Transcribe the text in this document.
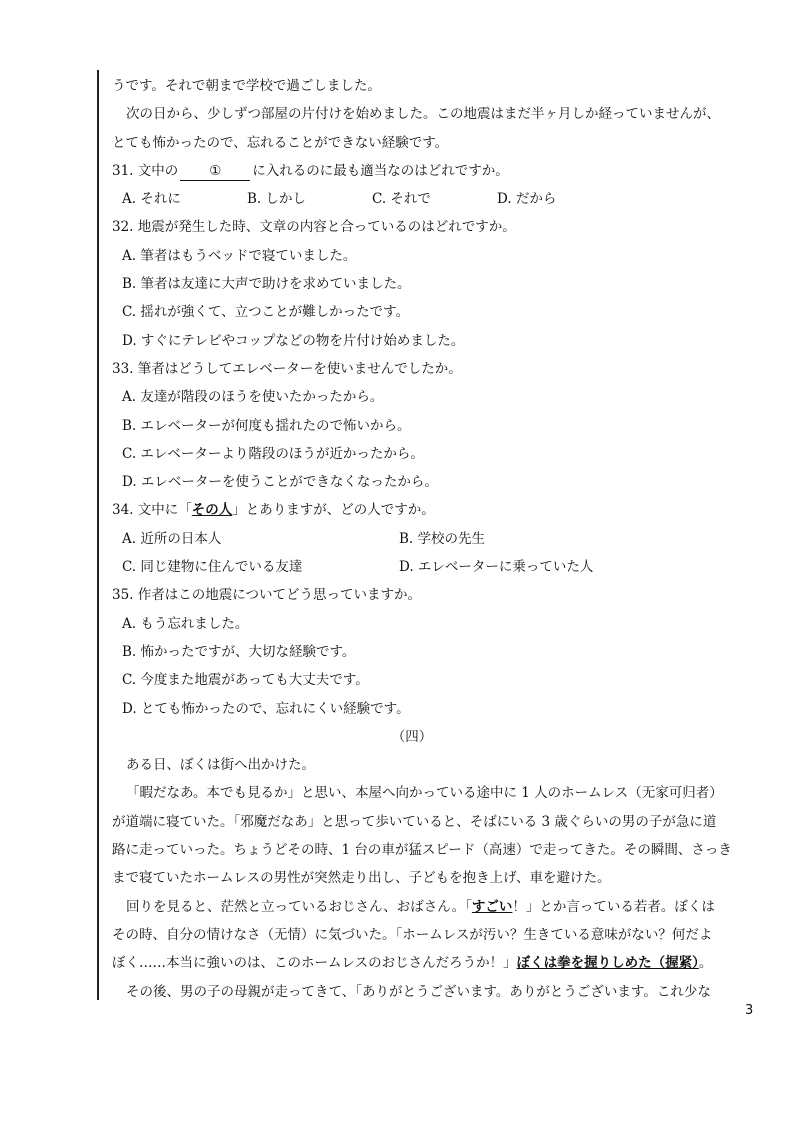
うです。それで朝まで学校で過ごしました。

次の日から、少しずつ部屋の片付けを始めました。この地震はまだ半ヶ月しか経っていませんが、

とても怖かったので、忘れることができない経験です。

31. 文中の ① に入れるのに最も適当なのはどれですか。

A. それに	B. しかし	C. それで	D. だから

32. 地震が発生した時、文章の内容と合っているのはどれですか。

A. 筆者はもうベッドで寝ていました。

B. 筆者は友達に大声で助けを求めていました。

C. 揺れが強くて、立つことが難しかったです。

D. すぐにテレビやコップなどの物を片付け始めました。

33. 筆者はどうしてエレベーターを使いませんでしたか。

A. 友達が階段のほうを使いたかったから。

B. エレベーターが何度も揺れたので怖いから。

C. エレベーターより階段のほうが近かったから。

D. エレベーターを使うことができなくなったから。

34. 文中に「その人」とありますが、どの人ですか。

A. 近所の日本人	B. 学校の先生
C. 同じ建物に住んでいる友達	D. エレベーターに乗っていた人

35. 作者はこの地震についてどう思っていますか。

A. もう忘れました。

B. 怖かったですが、大切な経験です。

C. 今度また地震があっても大丈夫です。

D. とても怖かったので、忘れにくい経験です。

（四）

ある日、ぼくは街へ出かけた。

「暇だなあ。本でも見るか」と思い、本屋へ向かっている途中に 1 人のホームレス（无家可归者）

が道端に寝ていた。「邪魔だなあ」と思って歩いていると、そばにいる 3 歳ぐらいの男の子が急に道

路に走っていった。ちょうどその時、1 台の車が猛スピード（高速）で走ってきた。その瞬間、さっき

まで寝ていたホームレスの男性が突然走り出し、子どもを抱き上げ、車を避けた。

回りを見ると、茫然と立っているおじさん、おばさん。「すごい！」とか言っている若者。ぼくは

その時、自分の情けなさ（无情）に気づいた。「ホームレスが汚い？生きている意味がない？何だよ

ぼく……本当に強いのは、このホームレスのおじさんだろうか！」ぼくは拳を握りしめた（握紧）。

その後、男の子の母親が走ってきて、「ありがとうございます。ありがとうございます。これ少な

3
